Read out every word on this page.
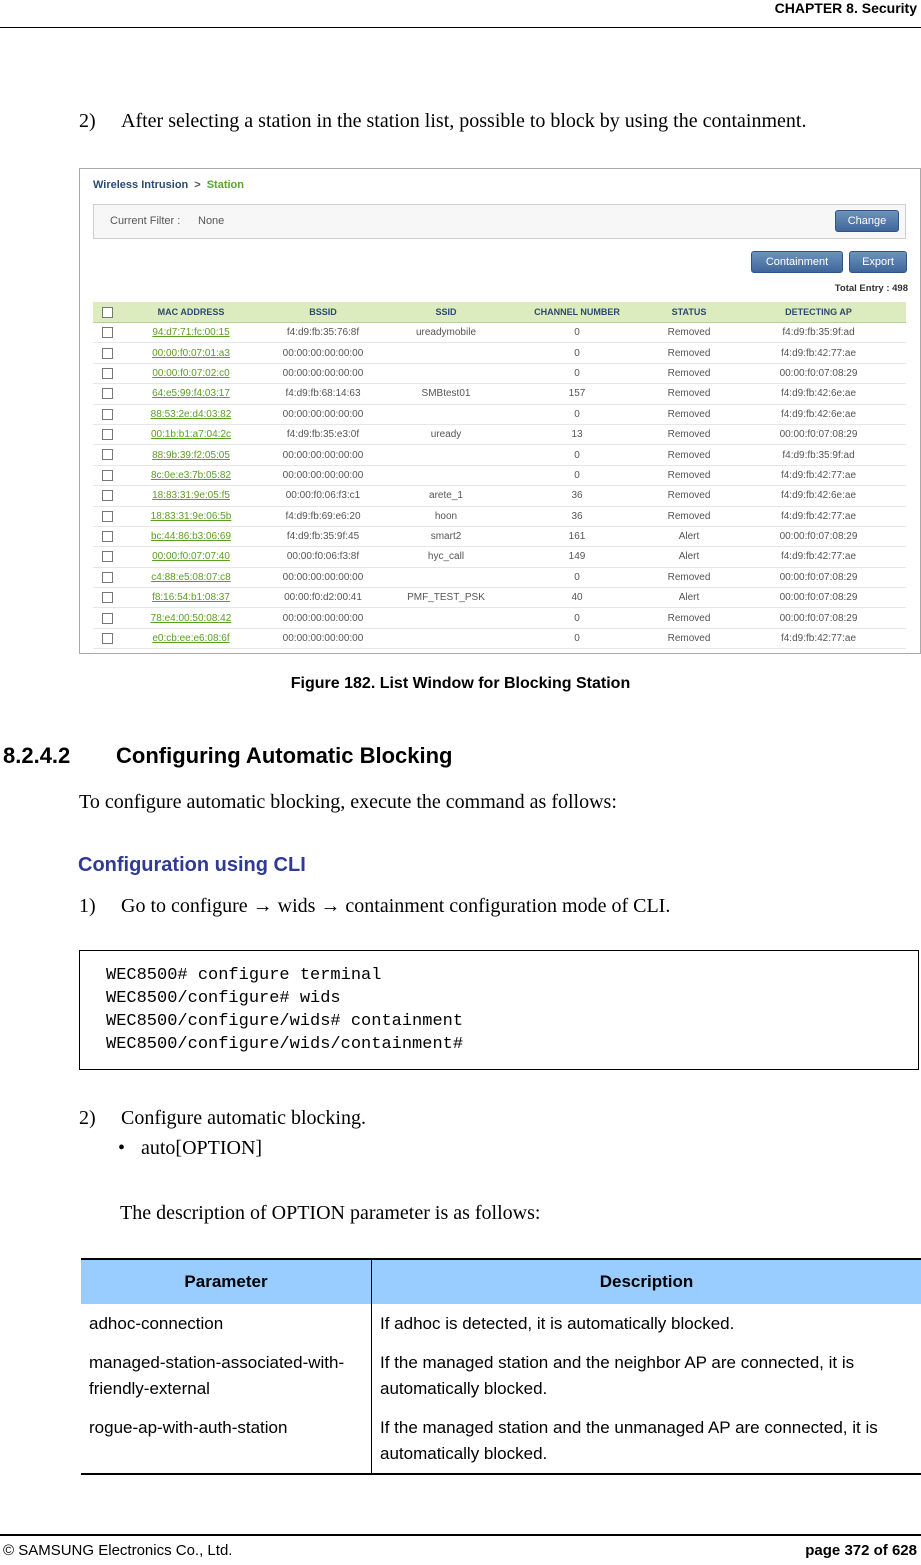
CHAPTER 8. Security
2) After selecting a station in the station list, possible to block by using the containment.
Wireless Intrusion > Station
Current Filter : None	Change
Containment	Export
Total Entry : 498
	MAC ADDRESS	BSSID	SSID	CHANNEL NUMBER	STATUS	DETECTING AP
	94:d7:71:fc:00:15	f4:d9:fb:35:76:8f	ureadymobile	0	Removed	f4:d9:fb:35:9f:ad
	00:00:f0:07:01:a3	00:00:00:00:00:00		0	Removed	f4:d9:fb:42:77:ae
	00:00:f0:07:02:c0	00:00:00:00:00:00		0	Removed	00:00:f0:07:08:29
	64:e5:99:f4:03:17	f4:d9:fb:68:14:63	SMBtest01	157	Removed	f4:d9:fb:42:6e:ae
	88:53:2e:d4:03:82	00:00:00:00:00:00		0	Removed	f4:d9:fb:42:6e:ae
	00:1b:b1:a7:04:2c	f4:d9:fb:35:e3:0f	uready	13	Removed	00:00:f0:07:08:29
	88:9b:39:f2:05:05	00:00:00:00:00:00		0	Removed	f4:d9:fb:35:9f:ad
	8c:0e:e3:7b:05:82	00:00:00:00:00:00		0	Removed	f4:d9:fb:42:77:ae
	18:83:31:9e:05:f5	00:00:f0:06:f3:c1	arete_1	36	Removed	f4:d9:fb:42:6e:ae
	18:83:31:9e:06:5b	f4:d9:fb:69:e6:20	hoon	36	Removed	f4:d9:fb:42:77:ae
	bc:44:86:b3:06:69	f4:d9:fb:35:9f:45	smart2	161	Alert	00:00:f0:07:08:29
	00:00:f0:07:07:40	00:00:f0:06:f3:8f	hyc_call	149	Alert	f4:d9:fb:42:77:ae
	c4:88:e5:08:07:c8	00:00:00:00:00:00		0	Removed	00:00:f0:07:08:29
	f8:16:54:b1:08:37	00:00:f0:d2:00:41	PMF_TEST_PSK	40	Alert	00:00:f0:07:08:29
	78:e4:00:50:08:42	00:00:00:00:00:00		0	Removed	00:00:f0:07:08:29
	e0:cb:ee:e6:08:6f	00:00:00:00:00:00		0	Removed	f4:d9:fb:42:77:ae
Figure 182. List Window for Blocking Station
8.2.4.2 Configuring Automatic Blocking
To configure automatic blocking, execute the command as follows:
Configuration using CLI
1) Go to configure → wids → containment configuration mode of CLI.
WEC8500# configure terminal
WEC8500/configure# wids
WEC8500/configure/wids# containment
WEC8500/configure/wids/containment#
2) Configure automatic blocking.
• auto[OPTION]
The description of OPTION parameter is as follows:
Parameter	Description
adhoc-connection	If adhoc is detected, it is automatically blocked.
managed-station-associated-with-friendly-external	If the managed station and the neighbor AP are connected, it is automatically blocked.
rogue-ap-with-auth-station	If the managed station and the unmanaged AP are connected, it is automatically blocked.
© SAMSUNG Electronics Co., Ltd.	page 372 of 628
